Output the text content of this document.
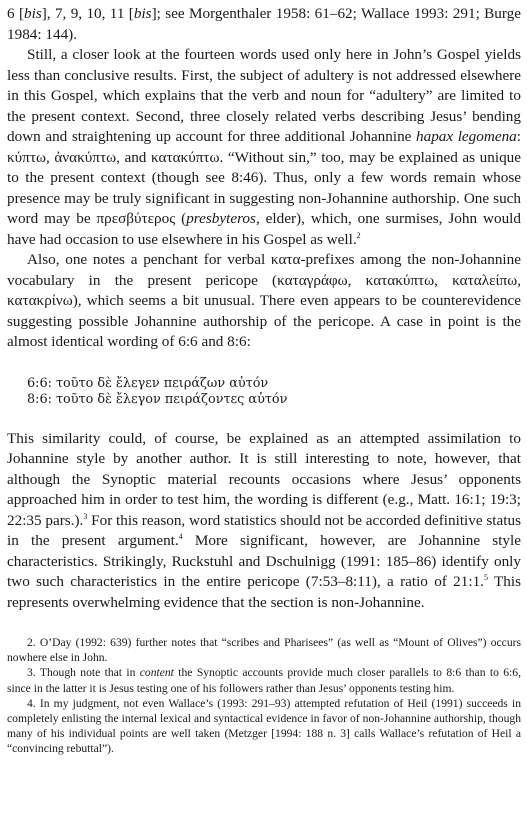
6 [bis], 7, 9, 10, 11 [bis]; see Morgenthaler 1958: 61–62; Wallace 1993: 291; Burge 1984: 144).

Still, a closer look at the fourteen words used only here in John’s Gospel yields less than conclusive results. First, the subject of adultery is not addressed elsewhere in this Gospel, which explains that the verb and noun for “adultery” are limited to the present context. Second, three closely related verbs describing Jesus’ bending down and straightening up account for three additional Johannine hapax legomena: κύπτω, ἀνακύπτω, and κατακύπτω. “Without sin,” too, may be explained as unique to the present context (though see 8:46). Thus, only a few words remain whose presence may be truly significant in suggesting non-Johannine authorship. One such word may be πρεσβύτερος (presbyteros, elder), which, one surmises, John would have had occasion to use elsewhere in his Gospel as well.$^2$

Also, one notes a penchant for verbal κατα-prefixes among the non-Johannine vocabulary in the present pericope (καταγράφω, κατακύπτω, καταλείπω, κατακρίνω), which seems a bit unusual. There even appears to be counterevidence suggesting possible Johannine authorship of the pericope. A case in point is the almost identical wording of 6:6 and 8:6:

6:6: τοῦτο δὲ ἔλεγεν πειράζων αὐτόν
8:6: τοῦτο δὲ ἔλεγον πειράζοντες αὐτόν

This similarity could, of course, be explained as an attempted assimilation to Johannine style by another author. It is still interesting to note, however, that although the Synoptic material recounts occasions where Jesus’ opponents approached him in order to test him, the wording is different (e.g., Matt. 16:1; 19:3; 22:35 pars.).$^3$ For this reason, word statistics should not be accorded definitive status in the present argument.$^4$ More significant, however, are Johannine style characteristics. Strikingly, Ruckstuhl and Dschulnigg (1991: 185–86) identify only two such characteristics in the entire pericope (7:53–8:11), a ratio of 21:1.$^5$ This represents overwhelming evidence that the section is non-Johannine.

2. O’Day (1992: 639) further notes that “scribes and Pharisees” (as well as “Mount of Olives”) occurs nowhere else in John.

3. Though note that in content the Synoptic accounts provide much closer parallels to 8:6 than to 6:6, since in the latter it is Jesus testing one of his followers rather than Jesus’ opponents testing him.

4. In my judgment, not even Wallace’s (1993: 291–93) attempted refutation of Heil (1991) succeeds in completely enlisting the internal lexical and syntactical evidence in favor of non-Johannine authorship, though many of his individual points are well taken (Metzger [1994: 188 n. 3] calls Wallace’s refutation of Heil a “convincing rebuttal”).
